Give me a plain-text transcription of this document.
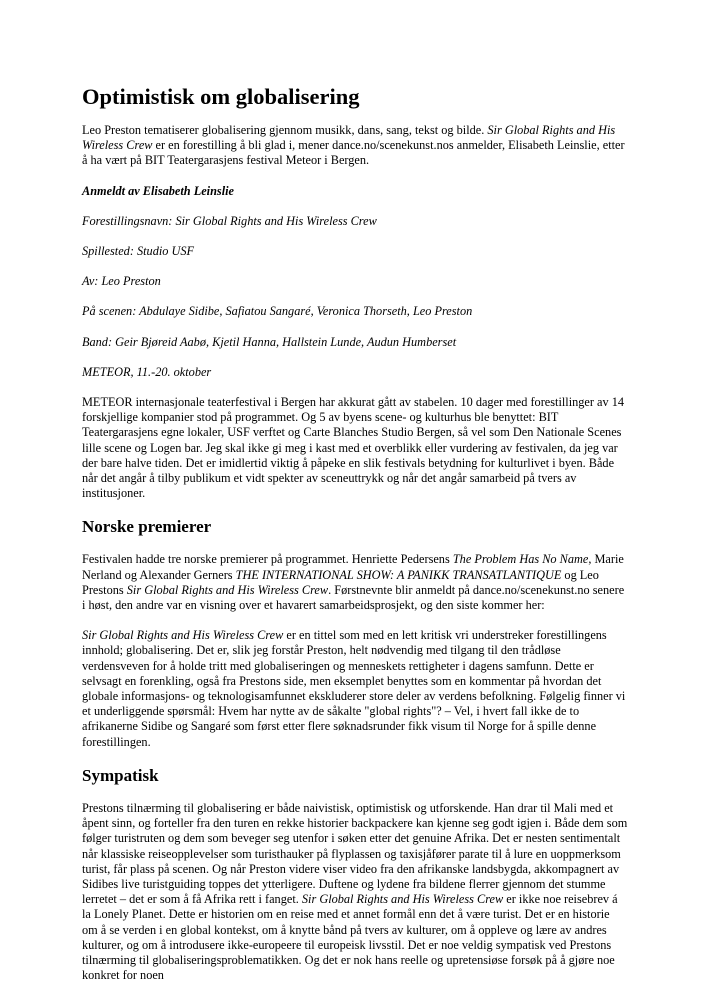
Optimistisk om globalisering

Leo Preston tematiserer globalisering gjennom musikk, dans, sang, tekst og bilde. Sir Global Rights and His Wireless Crew er en forestilling å bli glad i, mener dance.no/scenekunst.nos anmelder, Elisabeth Leinslie, etter å ha vært på BIT Teatergarasjens festival Meteor i Bergen.

Anmeldt av Elisabeth Leinslie

Forestillingsnavn: Sir Global Rights and His Wireless Crew

Spillested: Studio USF

Av: Leo Preston

På scenen: Abdulaye Sidibe, Safiatou Sangaré, Veronica Thorseth, Leo Preston

Band: Geir Bjøreid Aabø, Kjetil Hanna, Hallstein Lunde, Audun Humberset

METEOR, 11.-20. oktober

METEOR internasjonale teaterfestival i Bergen har akkurat gått av stabelen. 10 dager med forestillinger av 14 forskjellige kompanier stod på programmet. Og 5 av byens scene- og kulturhus ble benyttet: BIT Teatergarasjens egne lokaler, USF verftet og Carte Blanches Studio Bergen, så vel som Den Nationale Scenes lille scene og Logen bar. Jeg skal ikke gi meg i kast med et overblikk eller vurdering av festivalen, da jeg var der bare halve tiden. Det er imidlertid viktig å påpeke en slik festivals betydning for kulturlivet i byen. Både når det angår å tilby publikum et vidt spekter av sceneuttrykk og når det angår samarbeid på tvers av institusjoner.

Norske premierer

Festivalen hadde tre norske premierer på programmet. Henriette Pedersens The Problem Has No Name, Marie Nerland og Alexander Gerners THE INTERNATIONAL SHOW: A PANIKK TRANSATLANTIQUE og Leo Prestons Sir Global Rights and His Wireless Crew. Førstnevnte blir anmeldt på dance.no/scenekunst.no senere i høst, den andre var en visning over et havarert samarbeidsprosjekt, og den siste kommer her:

Sir Global Rights and His Wireless Crew er en tittel som med en lett kritisk vri understreker forestillingens innhold; globalisering. Det er, slik jeg forstår Preston, helt nødvendig med tilgang til den trådløse verdensveven for å holde tritt med globaliseringen og menneskets rettigheter i dagens samfunn. Dette er selvsagt en forenkling, også fra Prestons side, men eksemplet benyttes som en kommentar på hvordan det globale informasjons- og teknologisamfunnet ekskluderer store deler av verdens befolkning. Følgelig finner vi et underliggende spørsmål: Hvem har nytte av de såkalte "global rights"? – Vel, i hvert fall ikke de to afrikanerne Sidibe og Sangaré som først etter flere søknadsrunder fikk visum til Norge for å spille denne forestillingen.

Sympatisk

Prestons tilnærming til globalisering er både naivistisk, optimistisk og utforskende. Han drar til Mali med et åpent sinn, og forteller fra den turen en rekke historier backpackere kan kjenne seg godt igjen i. Både dem som følger turistruten og dem som beveger seg utenfor i søken etter det genuine Afrika. Det er nesten sentimentalt når klassiske reiseopplevelser som turisthauker på flyplassen og taxisjåfører parate til å lure en uoppmerksom turist, får plass på scenen. Og når Preston videre viser video fra den afrikanske landsbygda, akkompagnert av Sidibes live turistguiding toppes det ytterligere. Duftene og lydene fra bildene flerrer gjennom det stumme lerretet – det er som å få Afrika rett i fanget. Sir Global Rights and His Wireless Crew er ikke noe reisebrev á la Lonely Planet. Dette er historien om en reise med et annet formål enn det å være turist. Det er en historie om å se verden i en global kontekst, om å knytte bånd på tvers av kulturer, om å oppleve og lære av andres kulturer, og om å introdusere ikke-europeere til europeisk livsstil. Det er noe veldig sympatisk ved Prestons tilnærming til globaliseringsproblematikken. Og det er nok hans reelle og upretensiøse forsøk på å gjøre noe konkret for noen
